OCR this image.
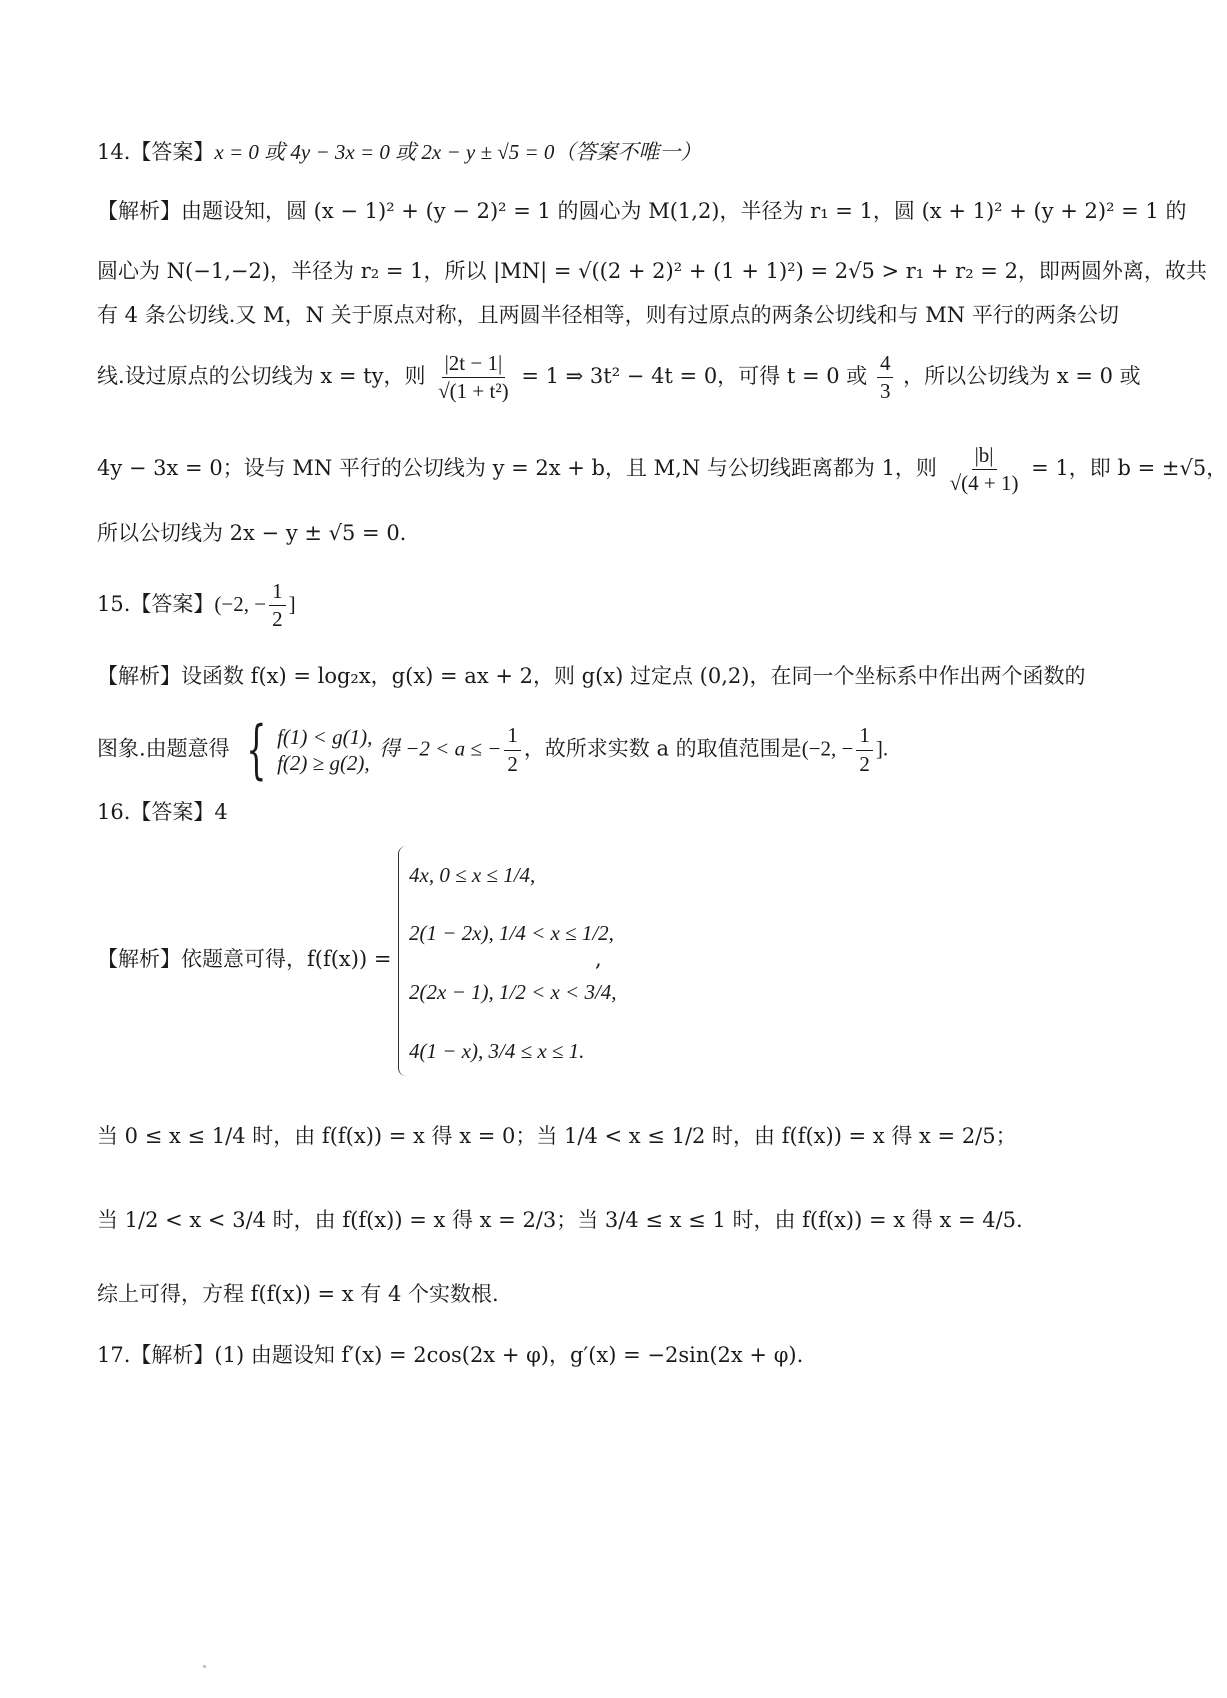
14.【答案】x = 0 或 4y − 3x = 0 或 2x − y ± √5 = 0（答案不唯一）
【解析】由题设知，圆 (x − 1)² + (y − 2)² = 1 的圆心为 M(1,2)，半径为 r₁ = 1，圆 (x + 1)² + (y + 2)² = 1 的
圆心为 N(−1,−2)，半径为 r₂ = 1，所以 |MN| = √((2 + 2)² + (1 + 1)²) = 2√5 > r₁ + r₂ = 2，即两圆外离，故共
有 4 条公切线.又 M，N 关于原点对称，且两圆半径相等，则有过原点的两条公切线和与 MN 平行的两条公切
线.设过原点的公切线为 x = ty，则 $\frac{|2t - 1|}{\text{√(1 + t²)}} = 1$ ⇒ 3t² − 4t = 0，可得 t = 0 或 $\frac{4}{3}$ ，所以公切线为 x = 0 或
4y − 3x = 0；设与 MN 平行的公切线为 y = 2x + b，且 M,N 与公切线距离都为 1，则 $\frac{|b|}{√(4 + 1)} = 1$，即 b = ±√5，
所以公切线为 2x − y ± √5 = 0.
15.【答案】(−2, − $\frac{1}{2}$ ]
【解析】设函数 f(x) = log₂x，g(x) = ax + 2，则 g(x) 过定点 (0,2)，在同一个坐标系中作出两个函数的
图象.由题意得 { f(1) < g(1),
f(2) ≥ g(2),
得 −2 < a ≤ − $\frac{1}{2}$ ，故所求实数 a 的取值范围是(−2, − $\frac{1}{2}$ ].
16.【答案】4
【解析】依题意可得，f(f(x)) =
4x, 0 ≤ x ≤ 1/4,
2(1 − 2x), 1/4 < x ≤ 1/2,
2(2x − 1), 1/2 < x < 3/4,
4(1 − x), 3/4 ≤ x ≤ 1.
,
当 0 ≤ x ≤ 1/4 时，由 f(f(x)) = x 得 x = 0；当 1/4 < x ≤ 1/2 时，由 f(f(x)) = x 得 x = 2/5；
当 1/2 < x < 3/4 时，由 f(f(x)) = x 得 x = 2/3；当 3/4 ≤ x ≤ 1 时，由 f(f(x)) = x 得 x = 4/5.
综上可得，方程 f(f(x)) = x 有 4 个实数根.
17.【解析】(1) 由题设知 f′(x) = 2cos(2x + φ)，g′(x) = −2sin(2x + φ).
